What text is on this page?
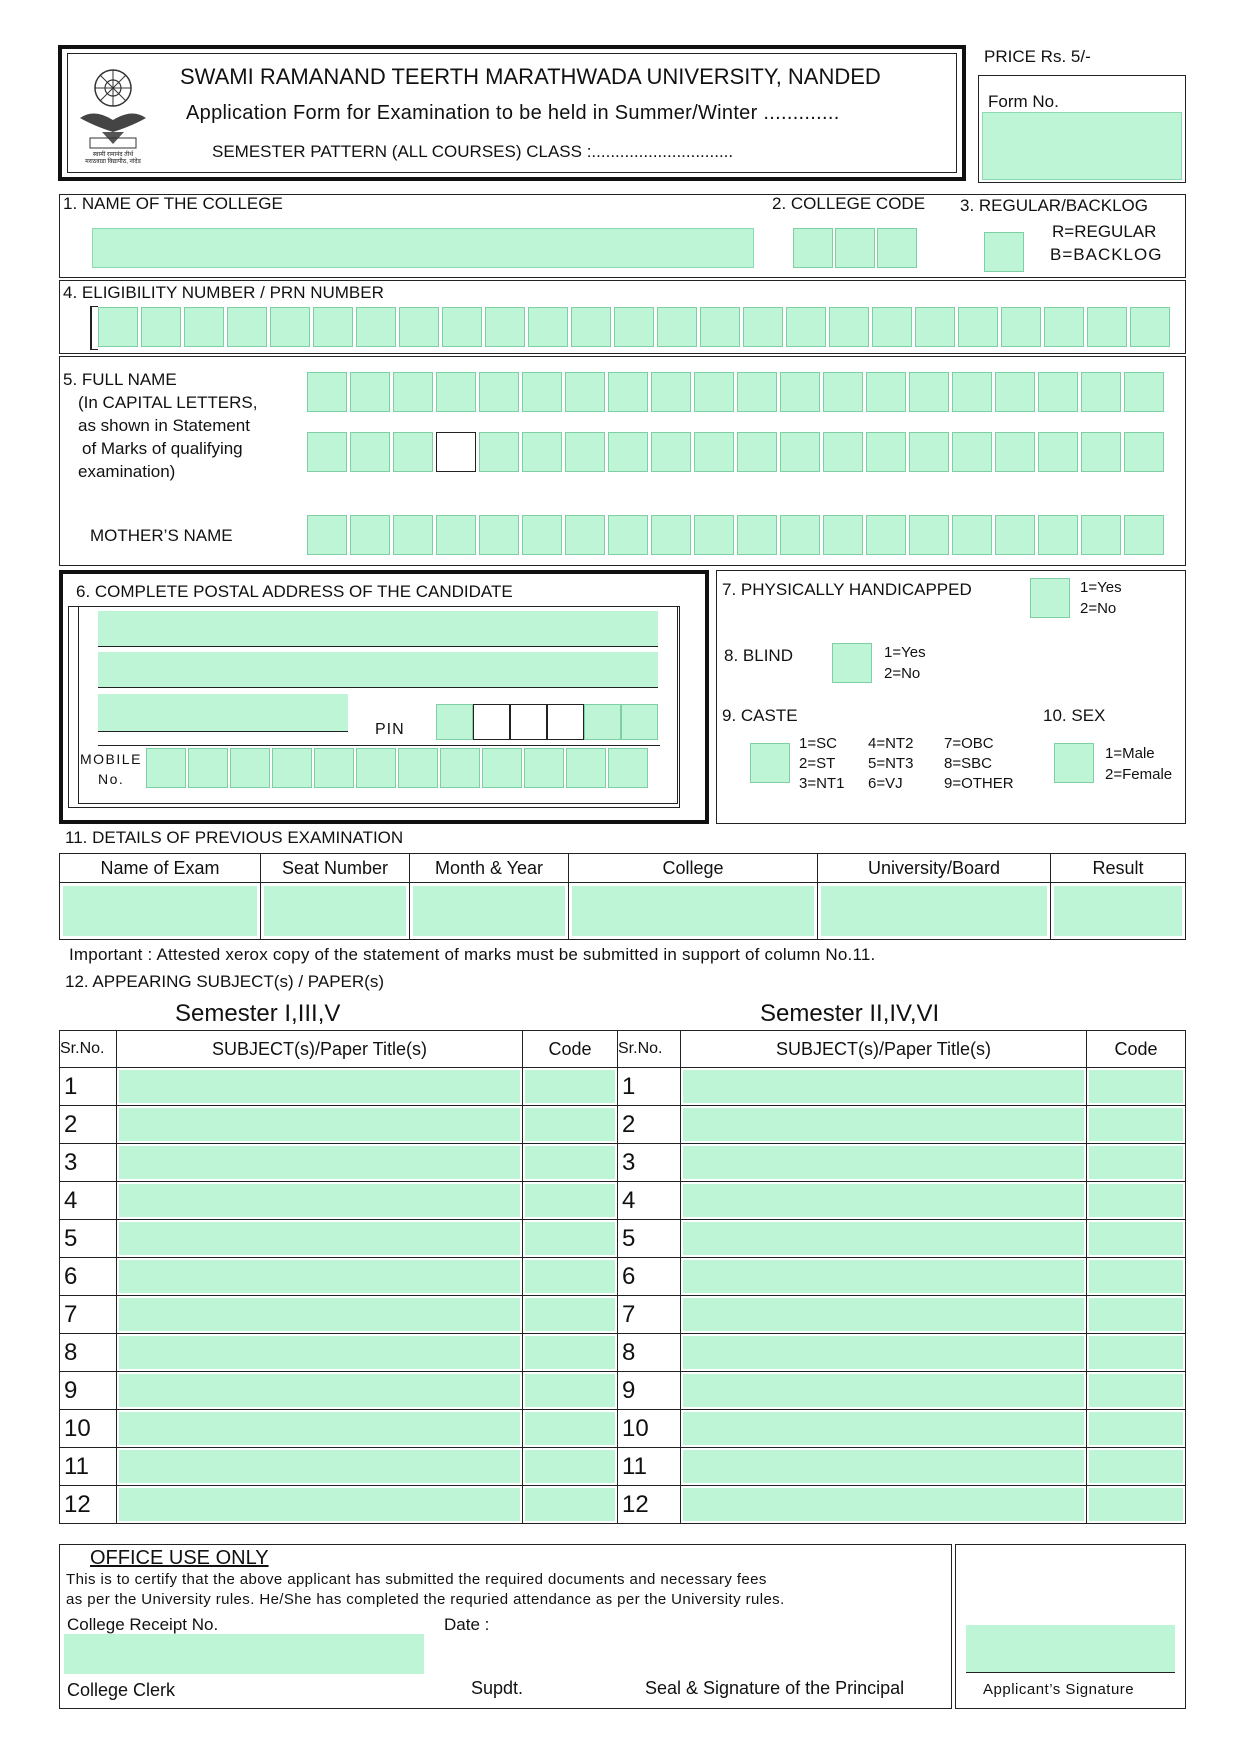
स्वामी रामानंद तीर्थ
मराठवाडा विद्यापीठ, नांदेड
SWAMI RAMANAND TEERTH MARATHWADA UNIVERSITY, NANDED
Application Form for Examination to be held in Summer/Winter .............
SEMESTER PATTERN (ALL COURSES) CLASS :..............................
PRICE Rs. 5/-
Form No.
1. NAME OF THE COLLEGE	2. COLLEGE CODE 3. REGULAR/BACKLOG
R=REGULAR
B=BACKLOG
4. ELIGIBILITY NUMBER / PRN NUMBER
5. FULL NAME
(In CAPITAL LETTERS,
as shown in Statement
of Marks of qualifying
examination)
MOTHER’S NAME
6. COMPLETE POSTAL ADDRESS OF THE CANDIDATE
PIN
MOBILE
No.
7. PHYSICALLY HANDICAPPED	1=Yes
2=No
8. BLIND	1=Yes
2=No
9. CASTE
1=SC
2=ST
3=NT1
4=NT2
5=NT3
6=VJ
7=OBC
8=SBC
9=OTHER
10. SEX
1=Male
2=Female
11. DETAILS OF PREVIOUS EXAMINATION
Name of Exam	Seat Number	Month & Year	College	University/Board	Result

Important : Attested xerox copy of the statement of marks must be submitted in support of column No.11.
12. APPEARING SUBJECT(s) / PAPER(s)
Semester I,III,V	Semester II,IV,VI
Sr.No.	SUBJECT(s)/Paper Title(s)	Code	Sr.No.	SUBJECT(s)/Paper Title(s)	Code
1			1	

2			2	

3			3	

4			4	

5			5	

6			6	

7			7	

8			8	

9			9	

10			10	

11			11	

12			12	

OFFICE USE ONLY
This is to certify that the above applicant has submitted the required documents and necessary fees
as per the University rules. He/She has completed the requried attendance as per the University rules.
College Receipt No.	Date :
College Clerk	Supdt.	Seal & Signature of the Principal	Applicant’s Signature
